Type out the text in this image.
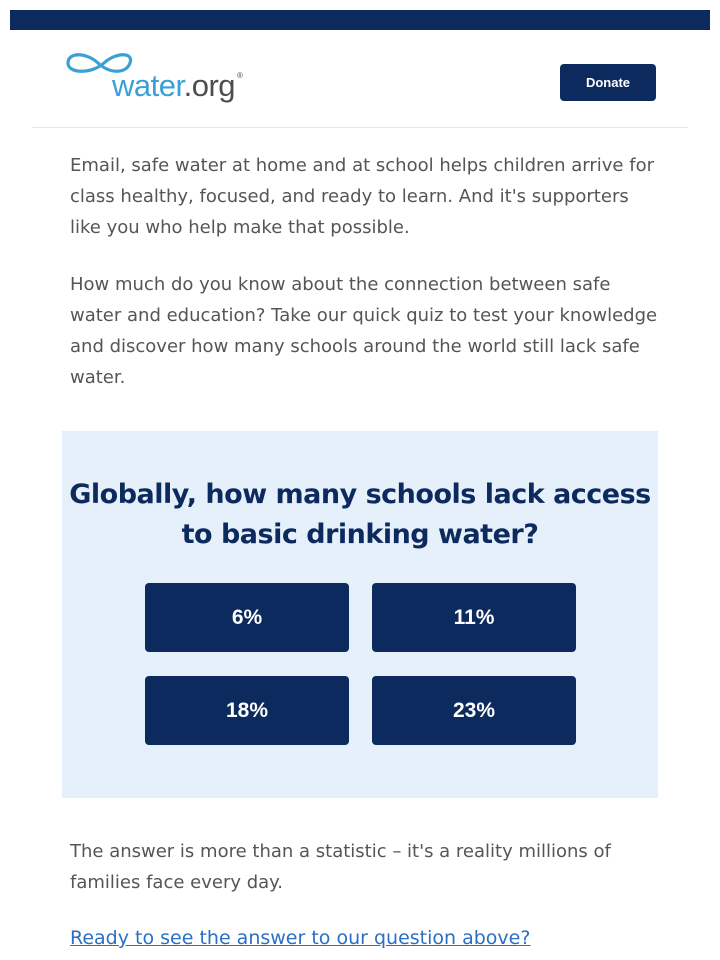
water.org ®	Donate

Email, safe water at home and at school helps children arrive for class healthy, focused, and ready to learn. And it's supporters like you who help make that possible.

How much do you know about the connection between safe water and education? Take our quick quiz to test your knowledge and discover how many schools around the world still lack safe water.

Globally, how many schools lack access to basic drinking water?
6%	11%
18%	23%

The answer is more than a statistic – it's a reality millions of families face every day.

Ready to see the answer to our question above?
